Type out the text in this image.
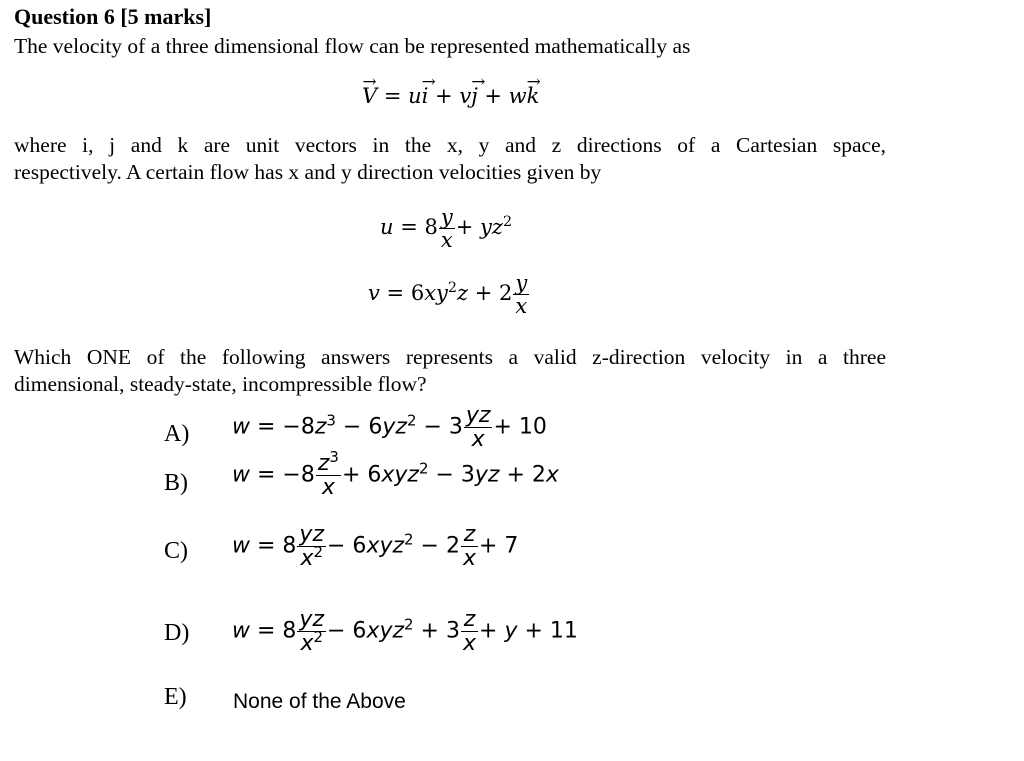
Question 6 [5 marks]
The velocity of a three dimensional flow can be represented mathematically as
V → = ui → + vj → + wk →
where i, j and k are unit vectors in the x, y and z directions of a Cartesian space,
respectively. A certain flow has x and y direction velocities given by
$u = 8 \frac{y}{x} + yz^2$
$v = 6xy^2z + 2 \frac{y}{x}$
Which ONE of the following answers represents a valid z-direction velocity in a three
dimensional, steady-state, incompressible flow?
A) $w = -8z^3 - 6yz^2 - 3 \frac{yz}{x} + 10$
B) $w = -8 \frac{z^3}{x} + 6xyz^2 - 3yz + 2x$
C) $w = 8 \frac{yz}{x^2} - 6xyz^2 - 2 \frac{z}{x} + 7$
D) $w = 8 \frac{yz}{x^2} - 6xyz^2 + 3 \frac{z}{x} + y + 11$
E) None of the Above
